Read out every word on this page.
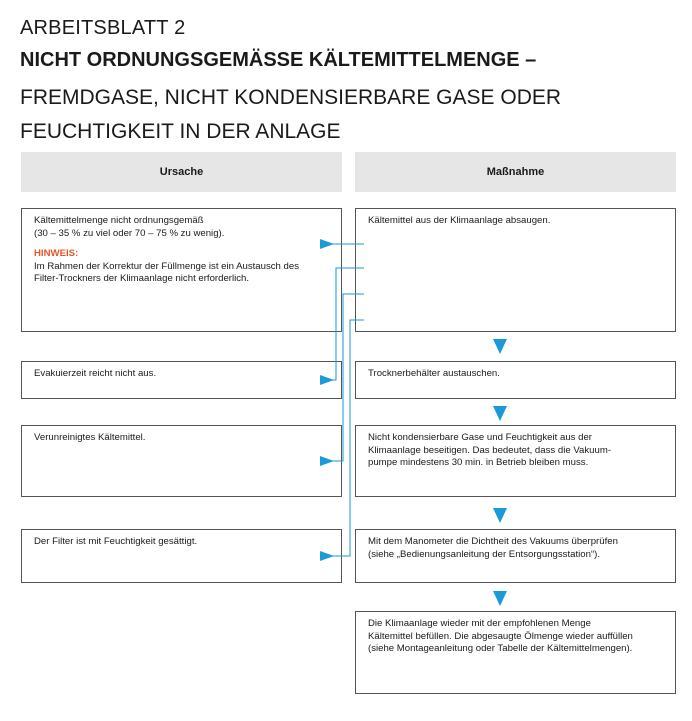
ARBEITSBLATT 2
NICHT ORDNUNGSGEMÄSSE KÄLTEMITTELMENGE –
FREMDGASE, NICHT KONDENSIERBARE GASE ODER
FEUCHTIGKEIT IN DER ANLAGE
Ursache	Maßnahme

Kältemittelmenge nicht ordnungsgemäß

(30 – 35 % zu viel oder 70 – 75 % zu wenig).

HINWEIS:

Im Rahmen der Korrektur der Füllmenge ist ein Austausch des

Filter-Trockners der Klimaanlage nicht erforderlich.

Evakuierzeit reicht nicht aus.

Verunreinigtes Kältemittel.

Der Filter ist mit Feuchtigkeit gesättigt.

Kältemittel aus der Klimaanlage absaugen.

Trocknerbehälter austauschen.

Nicht kondensierbare Gase und Feuchtigkeit aus der

Klimaanlage beseitigen. Das bedeutet, dass die Vakuum-

pumpe mindestens 30 min. in Betrieb bleiben muss.

Mit dem Manometer die Dichtheit des Vakuums überprüfen

(siehe „Bedienungsanleitung der Entsorgungsstation“).

Die Klimaanlage wieder mit der empfohlenen Menge

Kältemittel befüllen. Die abgesaugte Ölmenge wieder auffüllen

(siehe Montageanleitung oder Tabelle der Kältemittelmengen).
